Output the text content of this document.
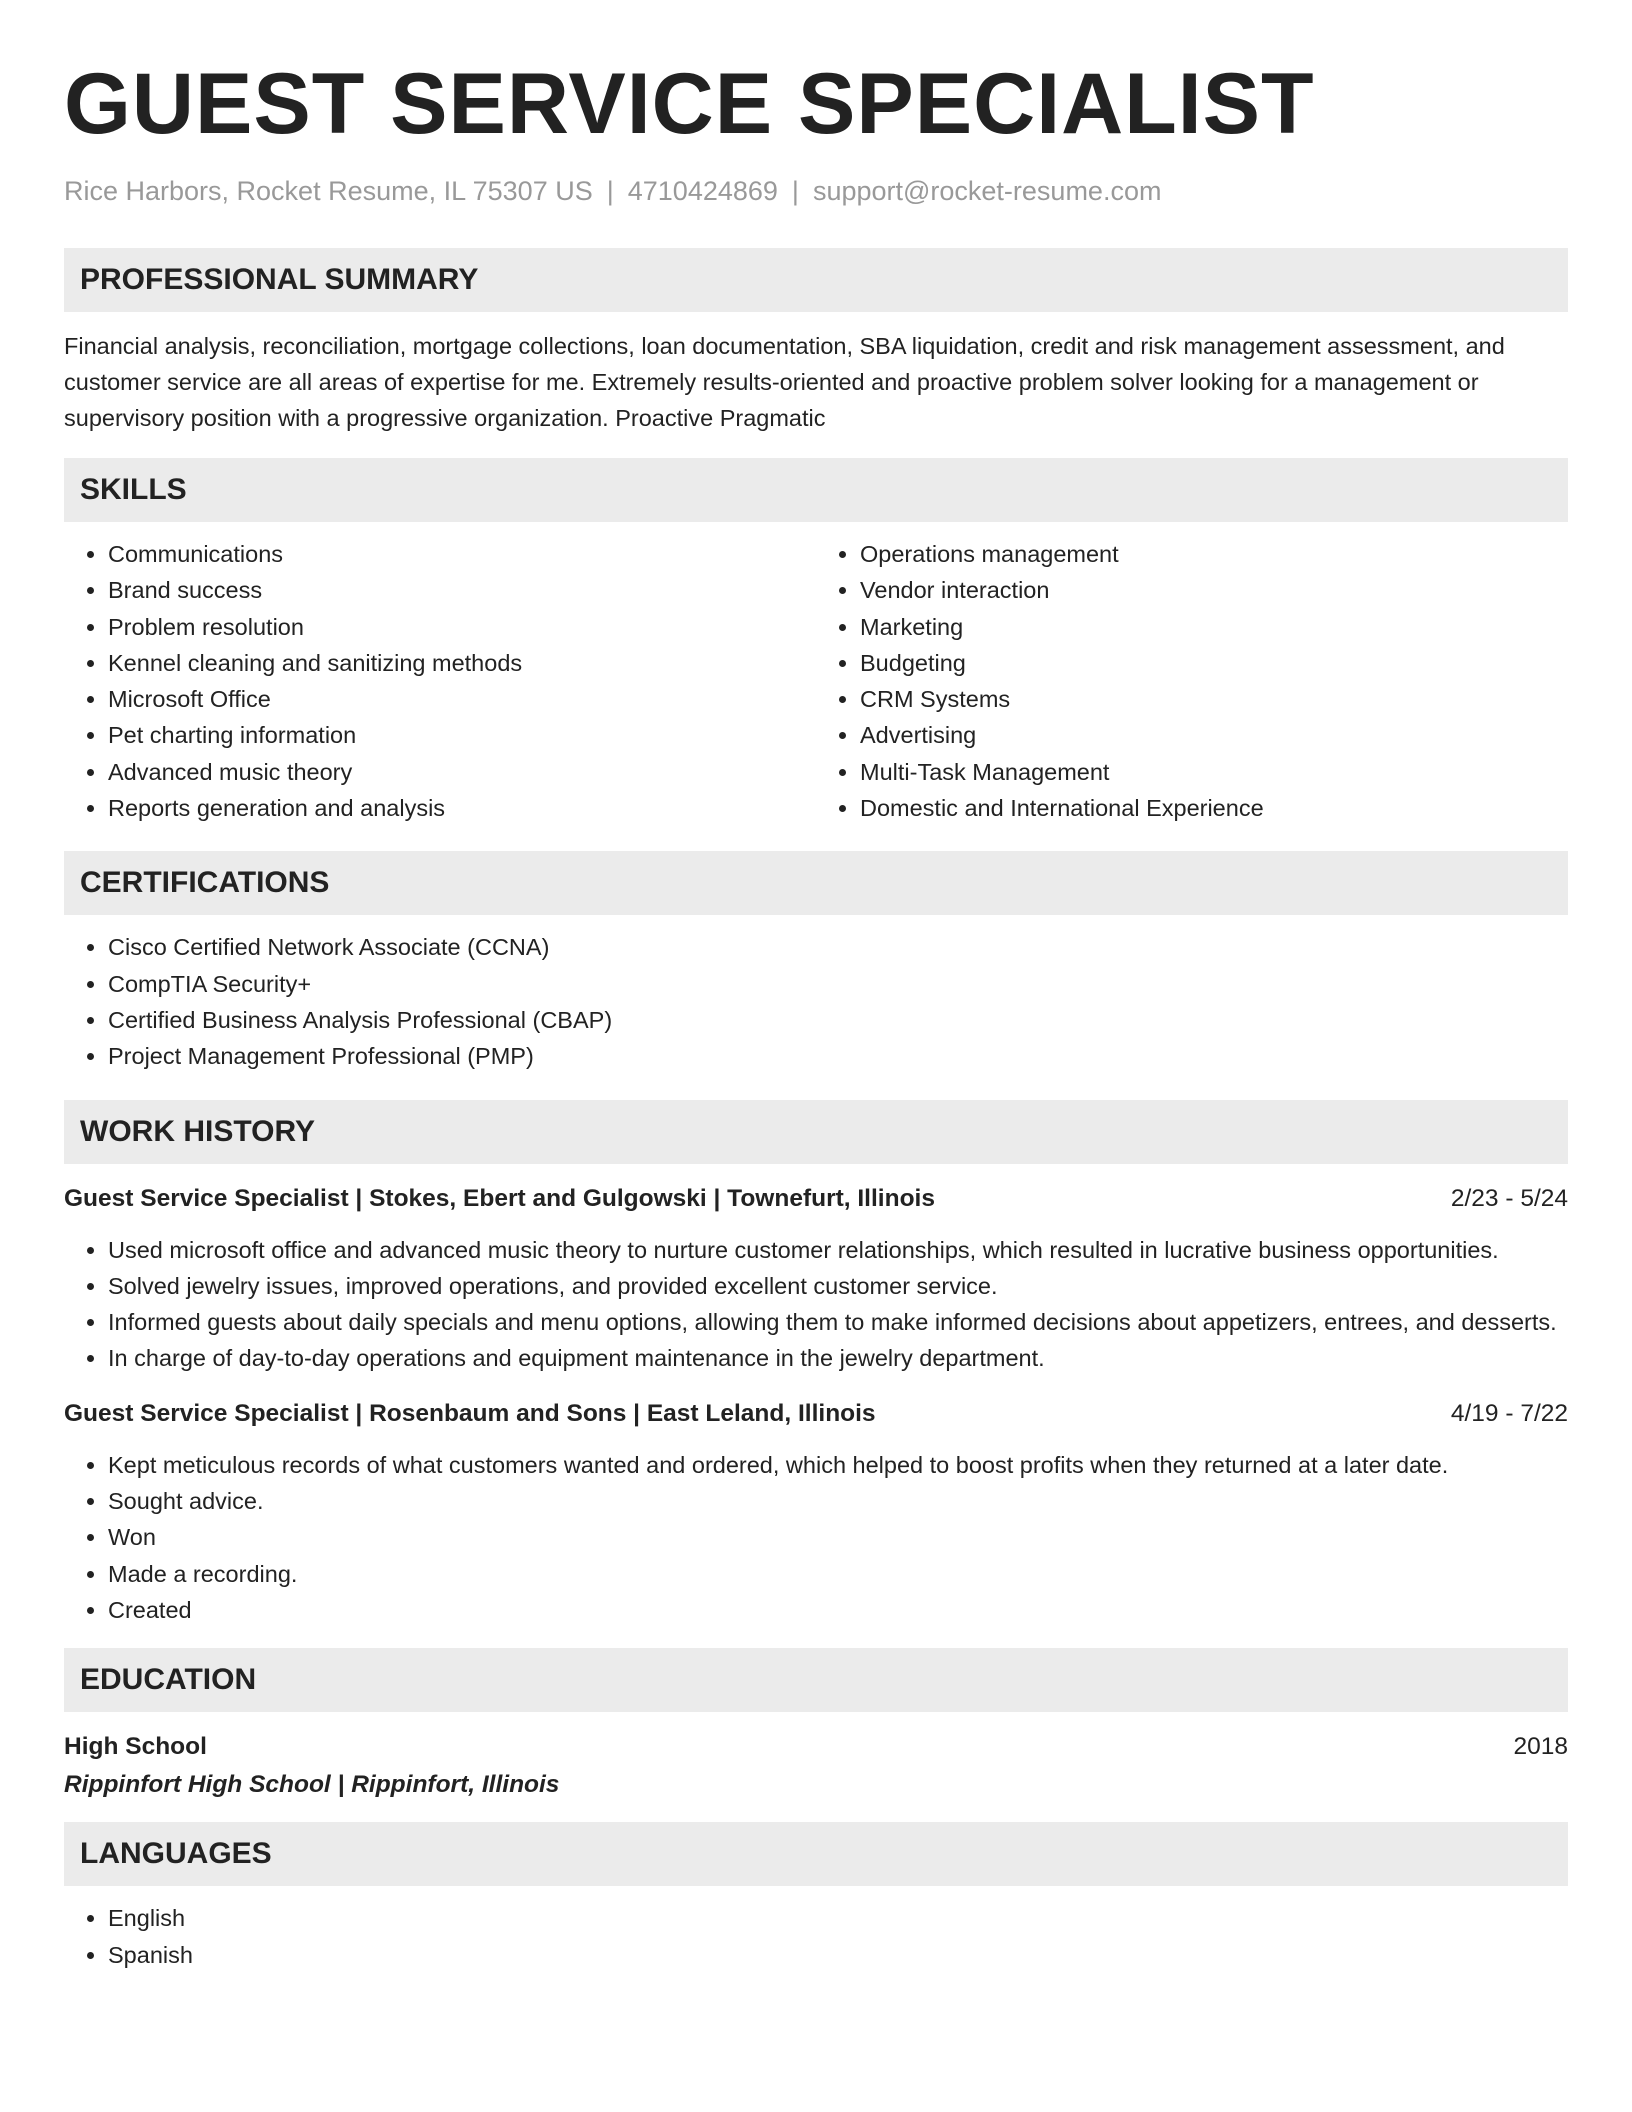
GUEST SERVICE SPECIALIST
Rice Harbors, Rocket Resume, IL 75307 US | 4710424869 | support@rocket-resume.com
PROFESSIONAL SUMMARY

Financial analysis, reconciliation, mortgage collections, loan documentation, SBA liquidation, credit and risk management assessment, and customer service are all areas of expertise for me. Extremely results-oriented and proactive problem solver looking for a management or supervisory position with a progressive organization. Proactive Pragmatic

SKILLS
• Communications
• Brand success
• Problem resolution
• Kennel cleaning and sanitizing methods
• Microsoft Office
• Pet charting information
• Advanced music theory
• Reports generation and analysis
• Operations management
• Vendor interaction
• Marketing
• Budgeting
• CRM Systems
• Advertising
• Multi-Task Management
• Domestic and International Experience
CERTIFICATIONS
• Cisco Certified Network Associate (CCNA)
• CompTIA Security+
• Certified Business Analysis Professional (CBAP)
• Project Management Professional (PMP)
WORK HISTORY
Guest Service Specialist | Stokes, Ebert and Gulgowski | Townefurt, Illinois	2/23 - 5/24
• Used microsoft office and advanced music theory to nurture customer relationships, which resulted in lucrative business opportunities.
• Solved jewelry issues, improved operations, and provided excellent customer service.
• Informed guests about daily specials and menu options, allowing them to make informed decisions about appetizers, entrees, and desserts.
• In charge of day-to-day operations and equipment maintenance in the jewelry department.
Guest Service Specialist | Rosenbaum and Sons | East Leland, Illinois	4/19 - 7/22
• Kept meticulous records of what customers wanted and ordered, which helped to boost profits when they returned at a later date.
• Sought advice.
• Won
• Made a recording.
• Created
EDUCATION
High School	2018
Rippinfort High School | Rippinfort, Illinois
LANGUAGES
• English
• Spanish
